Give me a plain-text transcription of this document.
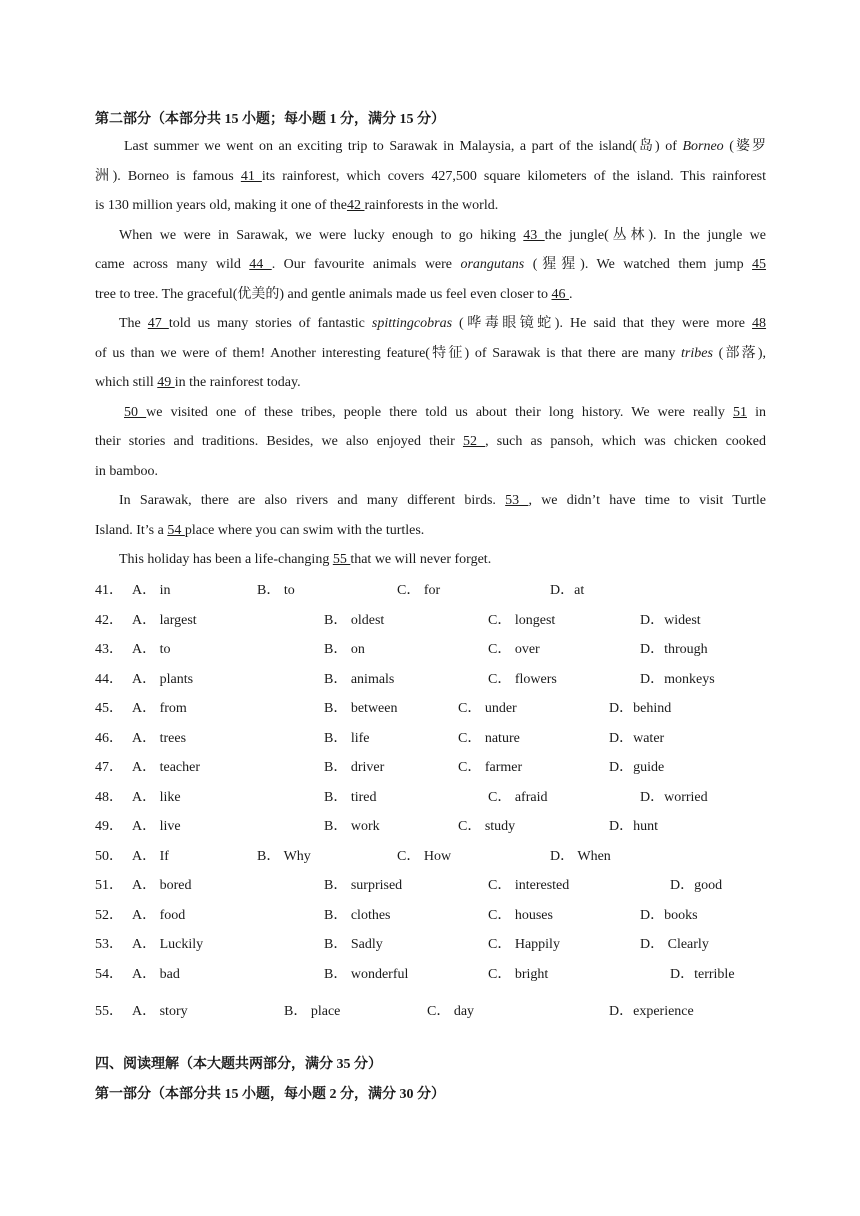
第二部分（本部分共 15 小题；每小题 1 分，满分 15 分）
Last summer we went on an exciting trip to Sarawak in Malaysia, a part of the island(岛) of Borneo (婆罗
洲). Borneo is famous 41 its rainforest, which covers 427,500 square kilometers of the island. This rainforest
is 130 million years old, making it one of the42 rainforests in the world.
When we were in Sarawak, we were lucky enough to go hiking 43 the jungle(丛林). In the jungle we
came across many wild 44 . Our favourite animals were orangutans (猩猩). We watched them jump 45
tree to tree. The graceful(优美的) and gentle animals made us feel even closer to 46 .
The 47 told us many stories of fantastic spittingcobras (哗毒眼镜蛇). He said that they were more 48
of us than we were of them! Another interesting feature(特征) of Sarawak is that there are many tribes (部落),
which still 49 in the rainforest today.
50 we visited one of these tribes, people there told us about their long history. We were really 51 in
their stories and traditions. Besides, we also enjoyed their 52 , such as pansoh, which was chicken cooked
in bamboo.
In Sarawak, there are also rivers and many different birds. 53 , we didn’t have time to visit Turtle
Island. It’s a 54 place where you can swim with the turtles.
This holiday has been a life-changing 55 that we will never forget.
41． A． in	B． to	C． for	D．at
42． A． largest	B． oldest	C． longest	D．widest
43． A． to	B． on	C． over	D．through
44． A． plants	B． animals	C． flowers	D．monkeys
45． A． from	B． between	C． under	D．behind
46． A． trees	B． life	C． nature	D．water
47． A． teacher	B． driver	C． farmer	D．guide
48． A． like	B． tired	C． afraid	D．worried
49． A． live	B． work	C． study	D．hunt
50． A． If	B． Why	C． How	D． When
51． A． bored	B． surprised	C． interested	D．good
52． A． food	B． clothes	C． houses	D．books
53． A． Luckily	B． Sadly	C． Happily	D． Clearly
54． A． bad	B． wonderful	C． bright	D．terrible
55． A． story	B． place	C． day	D．experience
四、阅读理解（本大题共两部分，满分 35 分）
第一部分（本部分共 15 小题，每小题 2 分，满分 30 分）
